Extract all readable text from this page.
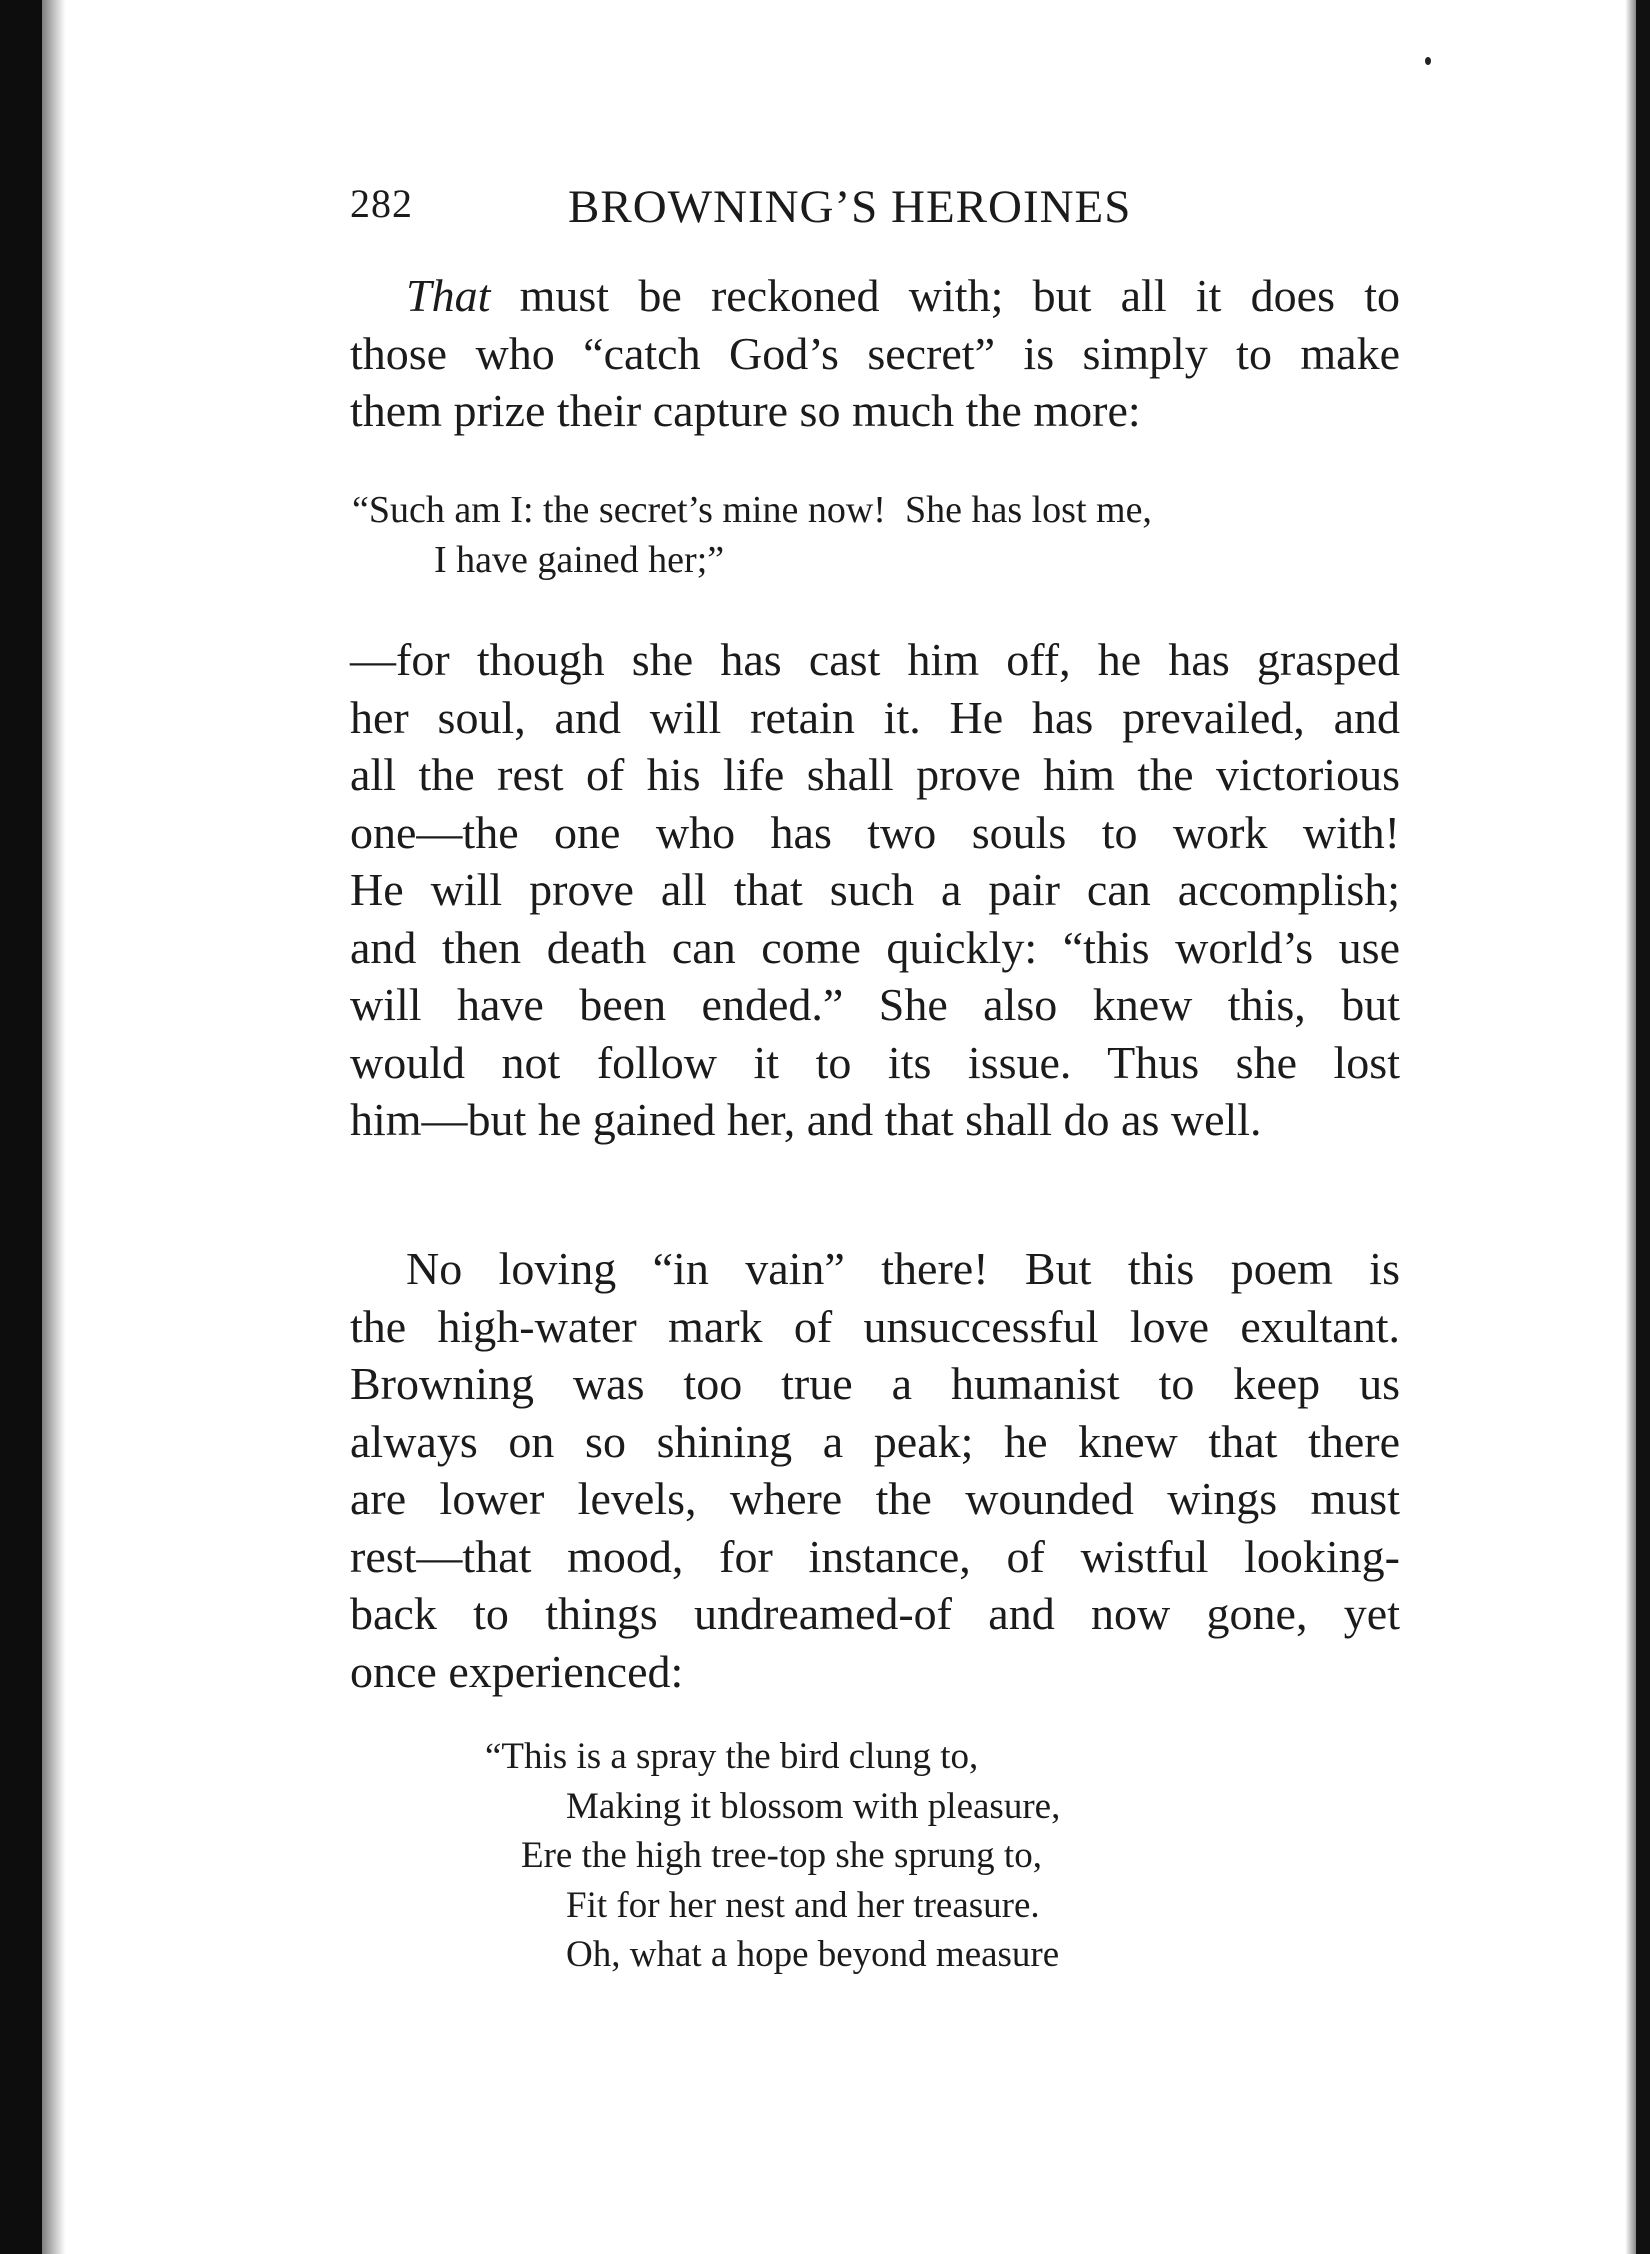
282	BROWNING’S HEROINES
That must be reckoned with; but all it does to
those who “catch God’s secret” is simply to make
them prize their capture so much the more:
“Such am I: the secret’s mine now!  She has lost me,
I have gained her;”
—for though she has cast him off, he has grasped
her soul, and will retain it. He has prevailed, and
all the rest of his life shall prove him the victorious
one—the one who has two souls to work with!
He will prove all that such a pair can accomplish;
and then death can come quickly: “this world’s use
will have been ended.” She also knew this, but
would not follow it to its issue. Thus she lost
him—but he gained her, and that shall do as well.
No loving “in vain” there! But this poem is
the high-water mark of unsuccessful love exultant.
Browning was too true a humanist to keep us
always on so shining a peak; he knew that there
are lower levels, where the wounded wings must
rest—that mood, for instance, of wistful looking-
back to things undreamed-of and now gone, yet
once experienced:
“This is a spray the bird clung to,
Making it blossom with pleasure,
Ere the high tree-top she sprung to,
Fit for her nest and her treasure.
Oh, what a hope beyond measure
